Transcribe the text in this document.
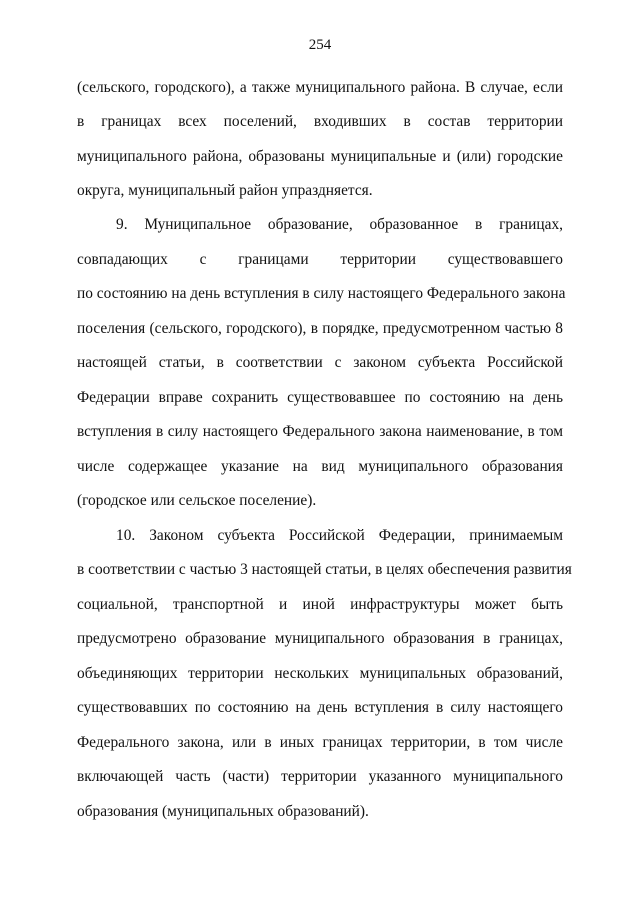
254
(сельского, городского), а также муниципального района. В случае, если
в границах всех поселений, входивших в состав территории
муниципального района, образованы муниципальные и (или) городские
округа, муниципальный район упраздняется.
9. Муниципальное образование, образованное в границах,
совпадающих с границами территории существовавшего
по состоянию на день вступления в силу настоящего Федерального закона
поселения (сельского, городского), в порядке, предусмотренном частью 8
настоящей статьи, в соответствии с законом субъекта Российской
Федерации вправе сохранить существовавшее по состоянию на день
вступления в силу настоящего Федерального закона наименование, в том
числе содержащее указание на вид муниципального образования
(городское или сельское поселение).
10. Законом субъекта Российской Федерации, принимаемым
в соответствии с частью 3 настоящей статьи, в целях обеспечения развития
социальной, транспортной и иной инфраструктуры может быть
предусмотрено образование муниципального образования в границах,
объединяющих территории нескольких муниципальных образований,
существовавших по состоянию на день вступления в силу настоящего
Федерального закона, или в иных границах территории, в том числе
включающей часть (части) территории указанного муниципального
образования (муниципальных образований).
